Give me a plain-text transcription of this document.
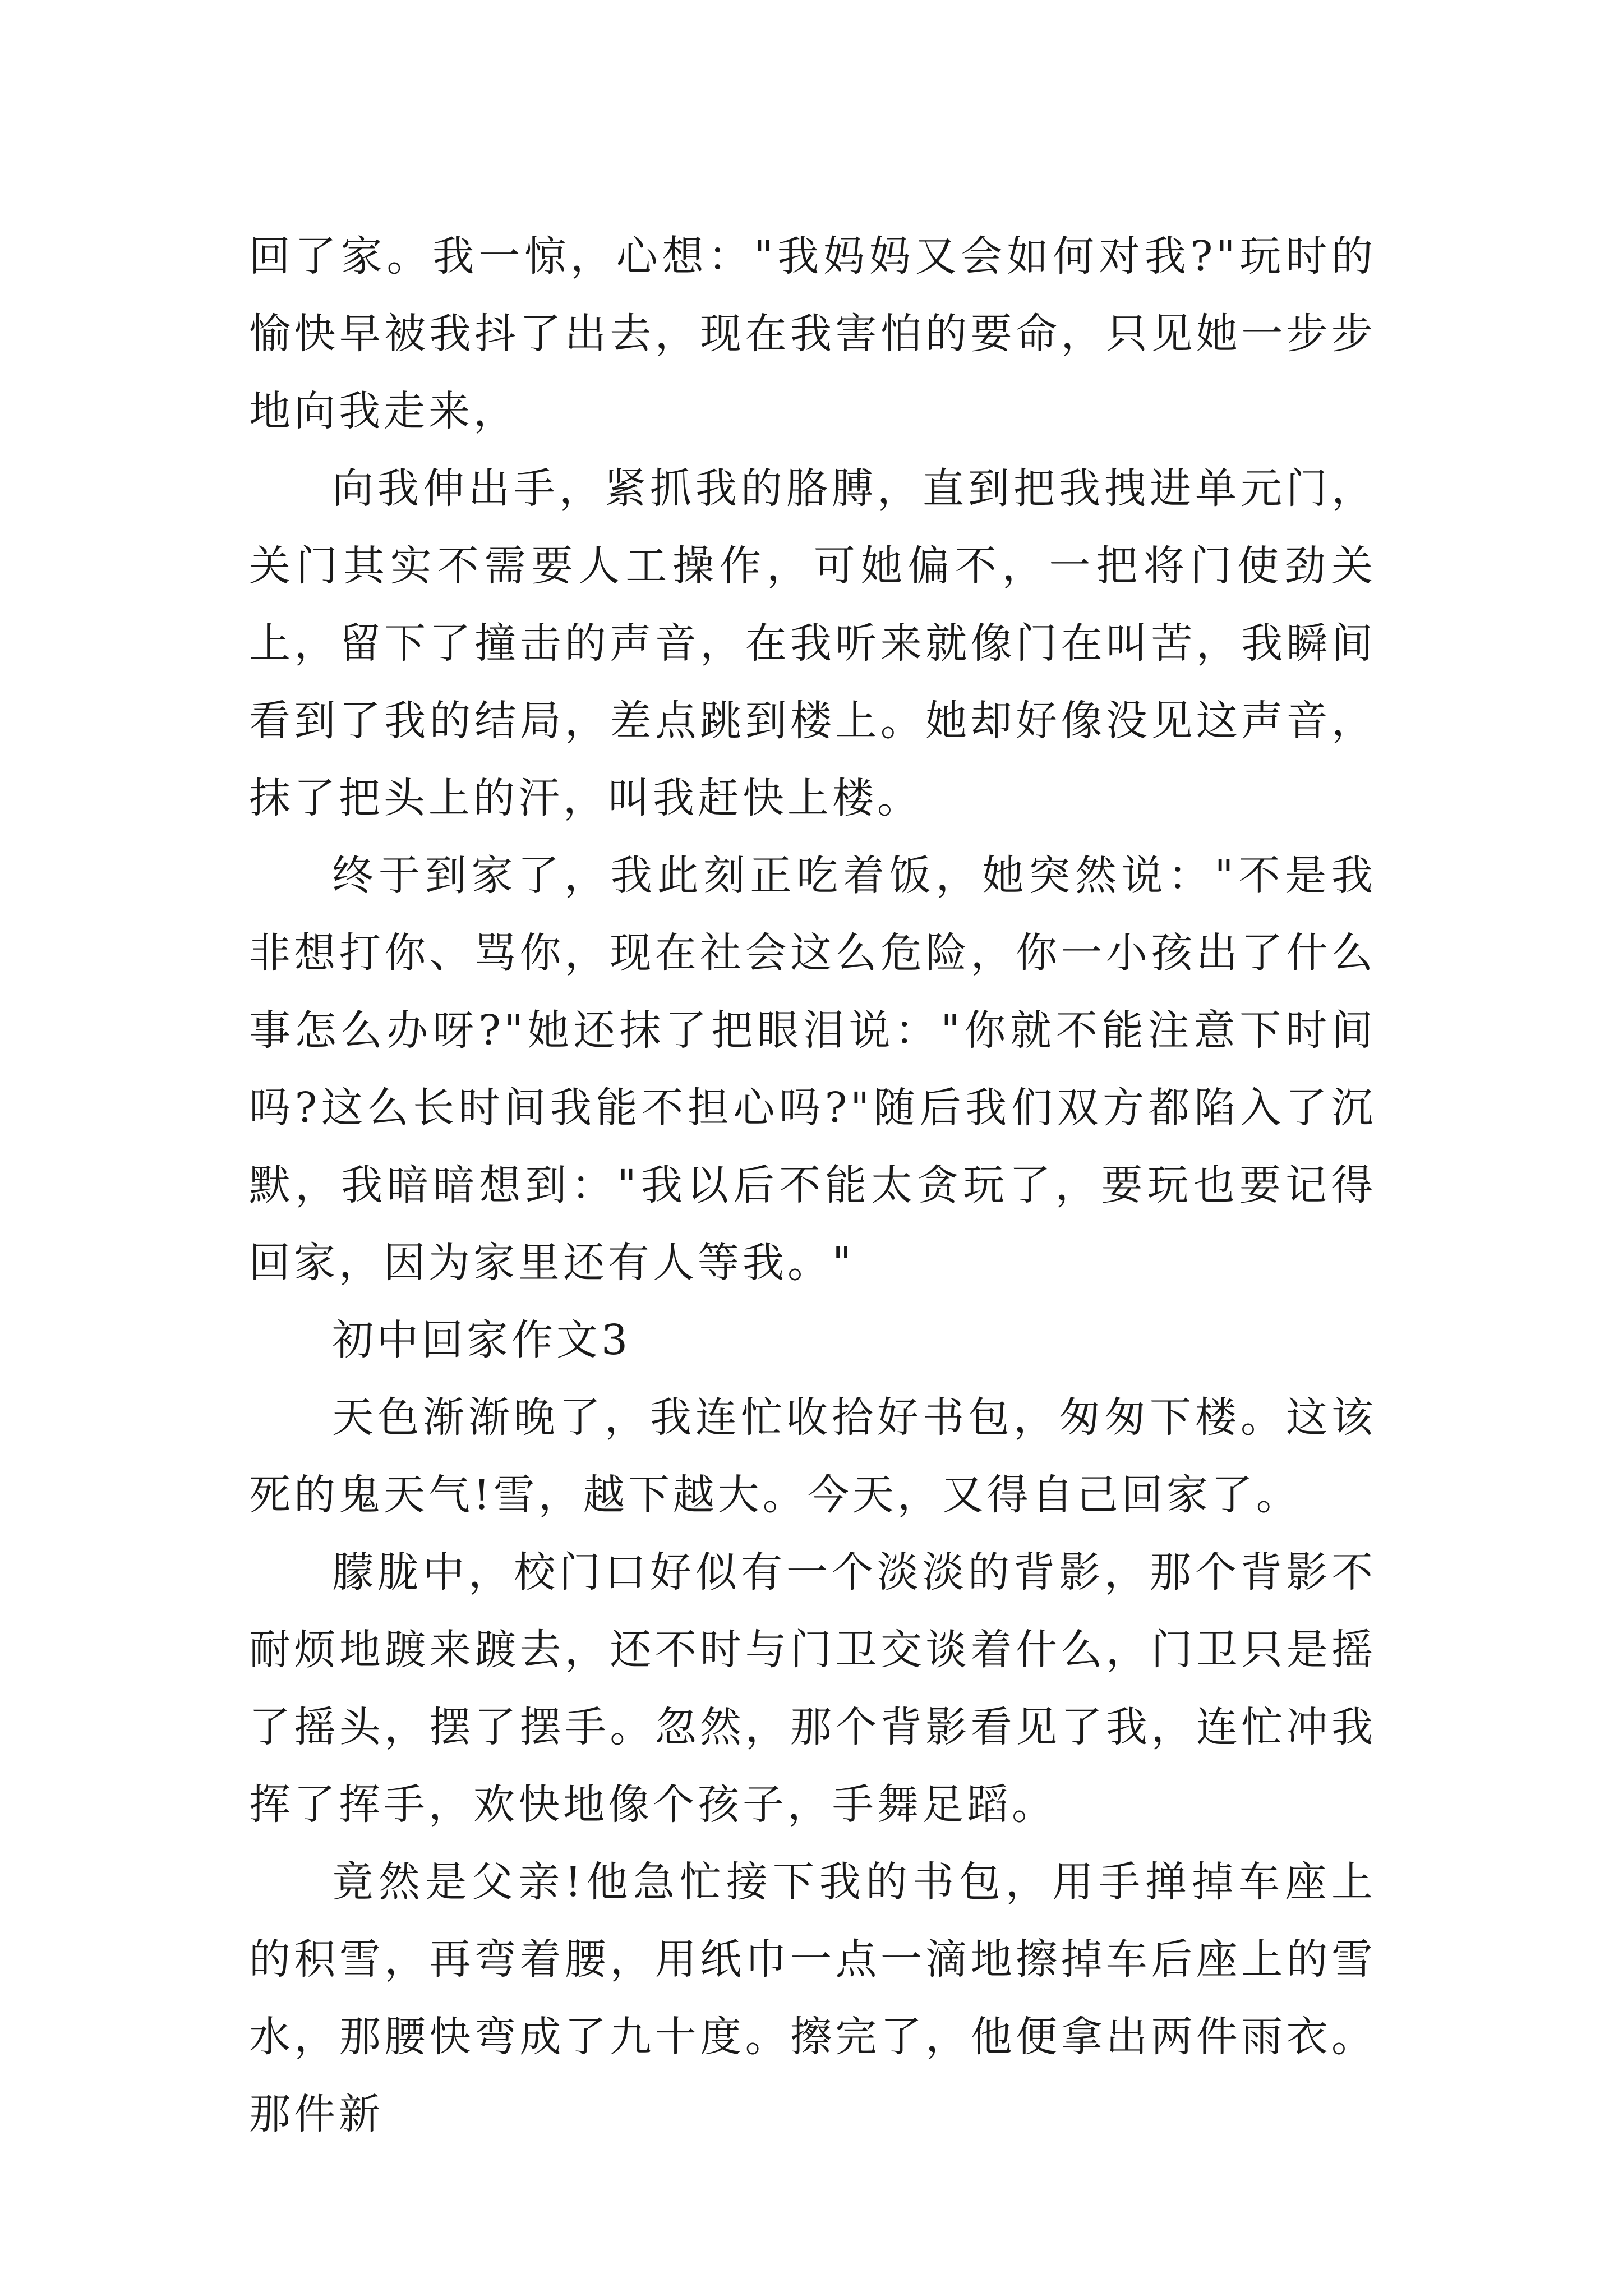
回了家。我一惊，心想："我妈妈又会如何对我?"玩时的愉快早被我抖了出去，现在我害怕的要命，只见她一步步地向我走来，

向我伸出手，紧抓我的胳膊，直到把我拽进单元门，关门其实不需要人工操作，可她偏不，一把将门使劲关上，留下了撞击的声音，在我听来就像门在叫苦，我瞬间看到了我的结局，差点跳到楼上。她却好像没见这声音，抹了把头上的汗，叫我赶快上楼。

终于到家了，我此刻正吃着饭，她突然说："不是我非想打你、骂你，现在社会这么危险，你一小孩出了什么事怎么办呀?"她还抹了把眼泪说："你就不能注意下时间吗?这么长时间我能不担心吗?"随后我们双方都陷入了沉默，我暗暗想到："我以后不能太贪玩了，要玩也要记得回家，因为家里还有人等我。"

初中回家作文3

天色渐渐晚了，我连忙收拾好书包，匆匆下楼。这该死的鬼天气!雪，越下越大。今天，又得自己回家了。

朦胧中，校门口好似有一个淡淡的背影，那个背影不耐烦地踱来踱去，还不时与门卫交谈着什么，门卫只是摇了摇头，摆了摆手。忽然，那个背影看见了我，连忙冲我挥了挥手，欢快地像个孩子，手舞足蹈。

竟然是父亲!他急忙接下我的书包，用手掸掉车座上的积雪，再弯着腰，用纸巾一点一滴地擦掉车后座上的雪水，那腰快弯成了九十度。擦完了，他便拿出两件雨衣。那件新
